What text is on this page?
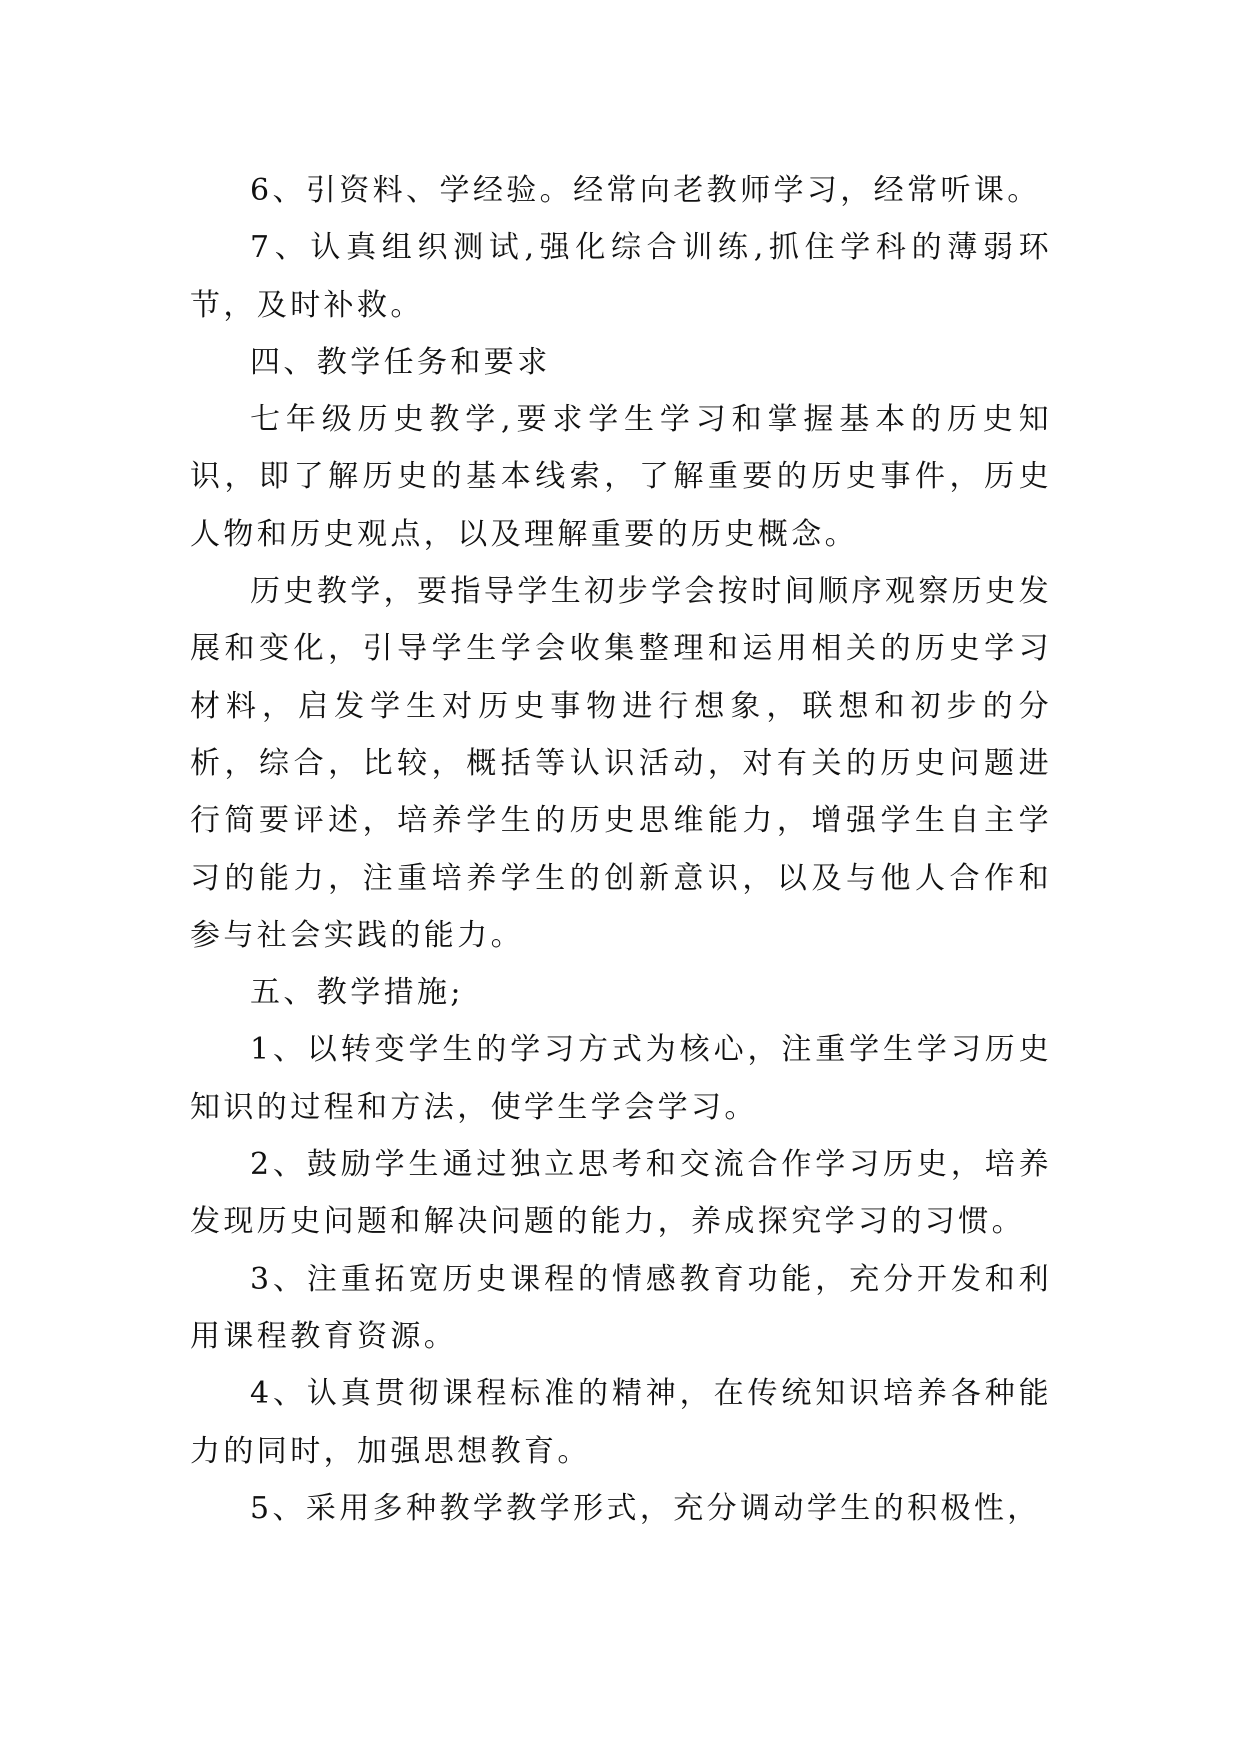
6、引资料、学经验。经常向老教师学习，经常听课。

7、认真组织测试,强化综合训练,抓住学科的薄弱环节，及时补救。

四、教学任务和要求

七年级历史教学,要求学生学习和掌握基本的历史知识，即了解历史的基本线索，了解重要的历史事件，历史人物和历史观点，以及理解重要的历史概念。

历史教学，要指导学生初步学会按时间顺序观察历史发展和变化，引导学生学会收集整理和运用相关的历史学习材料，启发学生对历史事物进行想象，联想和初步的分析，综合，比较，概括等认识活动，对有关的历史问题进行简要评述，培养学生的历史思维能力，增强学生自主学习的能力，注重培养学生的创新意识，以及与他人合作和参与社会实践的能力。

五、教学措施;

1、以转变学生的学习方式为核心，注重学生学习历史知识的过程和方法，使学生学会学习。

2、鼓励学生通过独立思考和交流合作学习历史，培养发现历史问题和解决问题的能力，养成探究学习的习惯。

3、注重拓宽历史课程的情感教育功能，充分开发和利用课程教育资源。

4、认真贯彻课程标准的精神，在传统知识培养各种能力的同时，加强思想教育。

5、采用多种教学教学形式，充分调动学生的积极性，
